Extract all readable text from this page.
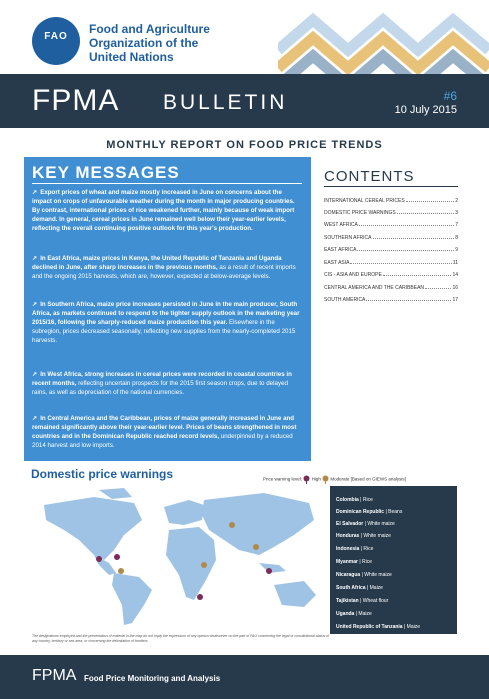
FAO
Food and Agriculture
Organization of the
United Nations
FPMA BULLETIN	#6
10 July 2015
MONTHLY REPORT ON FOOD PRICE TRENDS
KEY MESSAGES
↗ Export prices of wheat and maize mostly increased in June on concerns about the impact on crops of unfavourable weather during the month in major producing countries. By contrast, international prices of rice weakened further, mainly because of weak import demand. In general, cereal prices in June remained well below their year-earlier levels, reflecting the overall continuing positive outlook for this year's production.
↗ In East Africa, maize prices in Kenya, the United Republic of Tanzania and Uganda declined in June, after sharp increases in the previous months, as a result of recent imports and the ongoing 2015 harvests, which are, however, expected at below-average levels.
↗ In Southern Africa, maize price increases persisted in June in the main producer, South Africa, as markets continued to respond to the tighter supply outlook in the marketing year 2015/16, following the sharply-reduced maize production this year. Elsewhere in the subregion, prices decreased seasonally, reflecting new supplies from the nearly-completed 2015 harvests.
↗ In West Africa, strong increases in cereal prices were recorded in coastal countries in recent months, reflecting uncertain prospects for the 2015 first season crops, due to delayed rains, as well as depreciation of the national currencies.
↗ In Central America and the Caribbean, prices of maize generally increased in June and remained significantly above their year-earlier level. Prices of beans strengthened in most countries and in the Dominican Republic reached record levels, underpinned by a reduced 2014 harvest and low imports.
CONTENTS
INTERNATIONAL CEREAL PRICES	2
DOMESTIC PRICE WARNINGS	3
WEST AFRICA	7
SOUTHERN AFRICA	8
EAST AFRICA	9
EAST ASIA	11
CIS - ASIA AND EUROPE	14
CENTRAL AMERICA AND THE CARIBBEAN	16
SOUTH AMERICA	17
Domestic price warnings	Price warning level: High Moderate [Based on GIEWS analysis]
Colombia | Rice
Dominican Republic | Beans
El Salvador | White maize
Honduras | White maize
Indonesia | Rice
Myanmar | Rice
Nicaragua | White maize
South Africa | Maize
Tajikistan | Wheat flour
Uganda | Maize
United Republic of Tanzania | Maize
The designations employed and the presentation of material in the map do not imply the expression of any opinion whatsoever on the part of FAO concerning the legal or constitutional status of any country, territory or sea area, or concerning the delimitation of frontiers.
FPMA Food Price Monitoring and Analysis
